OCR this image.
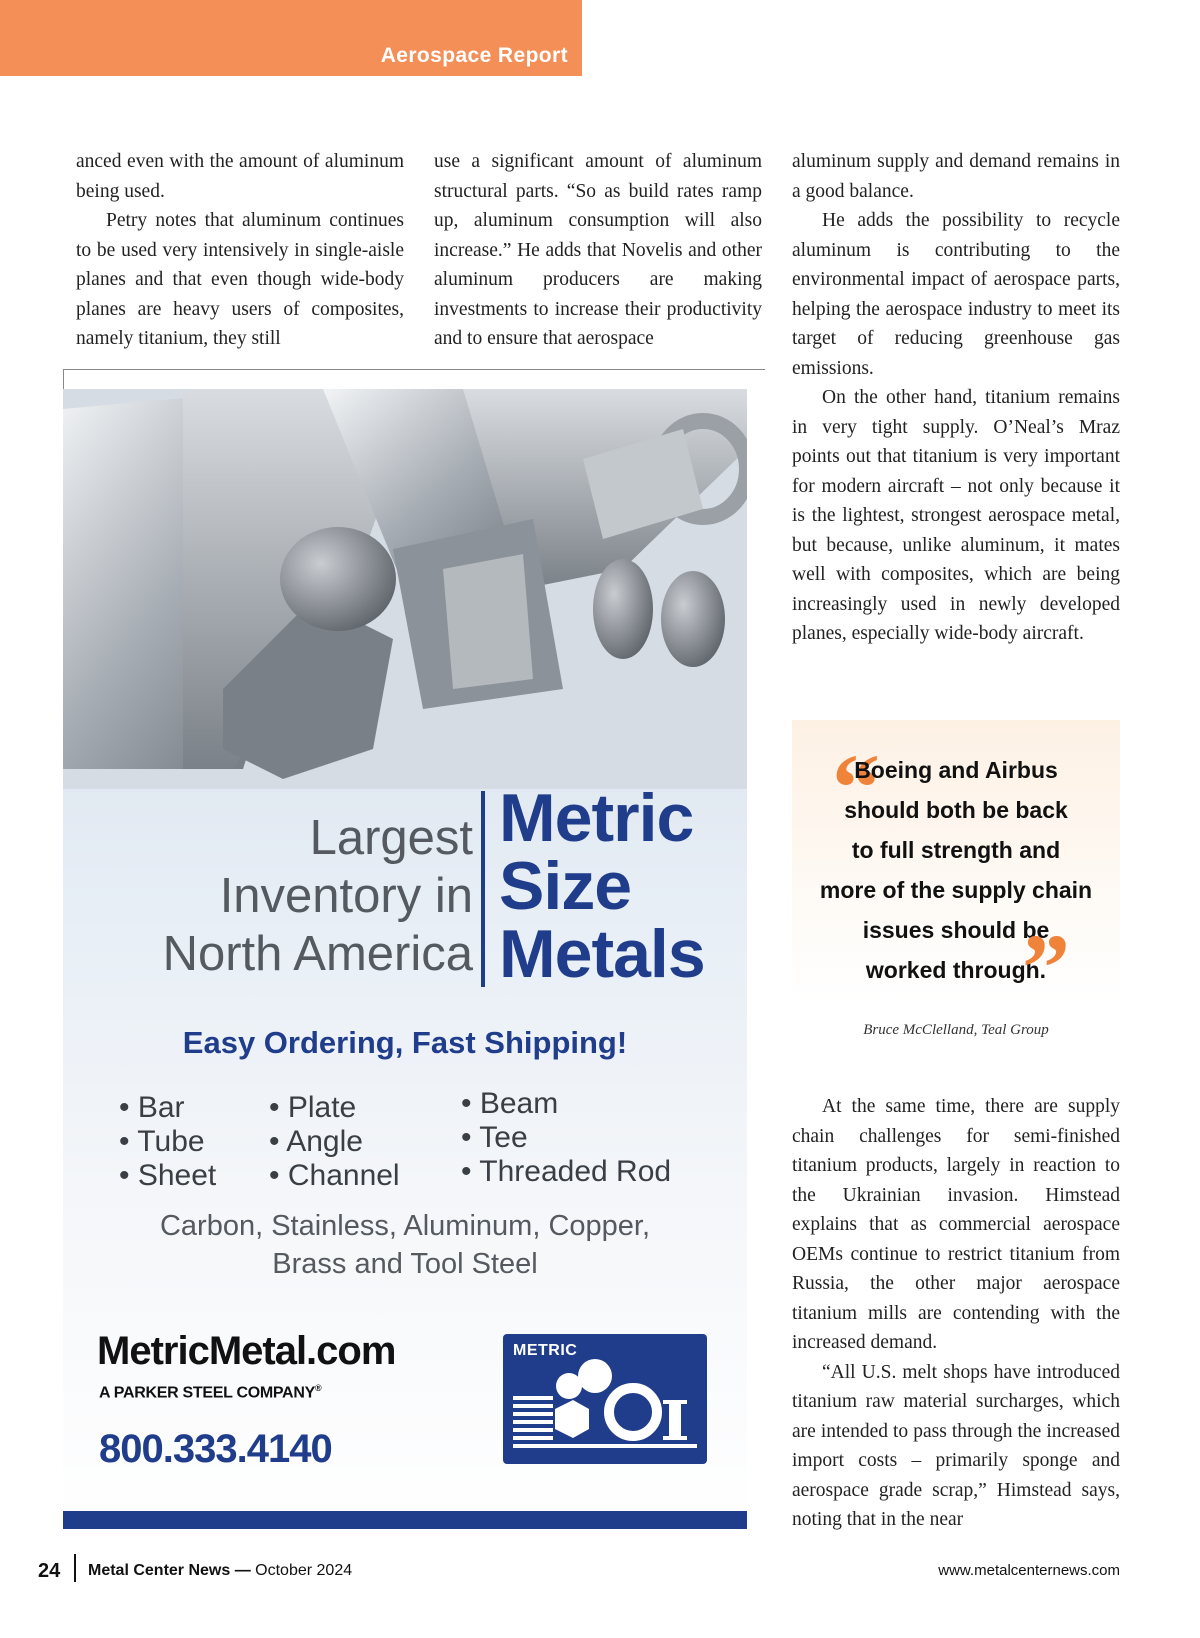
Aerospace Report

anced even with the amount of aluminum being used.

Petry notes that aluminum continues to be used very intensively in single-aisle planes and that even though wide-body planes are heavy users of composites, namely titanium, they still

use a significant amount of aluminum structural parts. “So as build rates ramp up, aluminum consumption will also increase.” He adds that Novelis and other aluminum producers are making investments to increase their productivity and to ensure that aerospace

aluminum supply and demand remains in a good balance.

He adds the possibility to recycle aluminum is contributing to the environmental impact of aerospace parts, helping the aerospace industry to meet its target of reducing greenhouse gas emissions.

On the other hand, titanium remains in very tight supply. O’Neal’s Mraz points out that titanium is very important for modern aircraft – not only because it is the lightest, strongest aerospace metal, but because, unlike aluminum, it mates well with composites, which are being increasingly used in newly developed planes, especially wide-body aircraft.

“
Boeing and Airbus
should both be back
to full strength and
more of the supply chain
issues should be
worked through.
”
Bruce McClelland, Teal Group

At the same time, there are supply chain challenges for semi-finished titanium products, largely in reaction to the Ukrainian invasion. Himstead explains that as commercial aerospace OEMs continue to restrict titanium from Russia, the other major aerospace titanium mills are contending with the increased demand.

“All U.S. melt shops have introduced titanium raw material surcharges, which are intended to pass through the increased import costs – primarily sponge and aerospace grade scrap,” Himstead says, noting that in the near

Largest
Inventory in
North America
Metric
Size
Metals
Easy Ordering, Fast Shipping!
• Bar
• Tube
• Sheet
• Plate
• Angle
• Channel
• Beam
• Tee
• Threaded Rod
Carbon, Stainless, Aluminum, Copper,
Brass and Tool Steel
MetricMetal.com
A PARKER STEEL COMPANY®
800.333.4140
METRIC
24 Metal Center News — October 2024	www.metalcenternews.com
